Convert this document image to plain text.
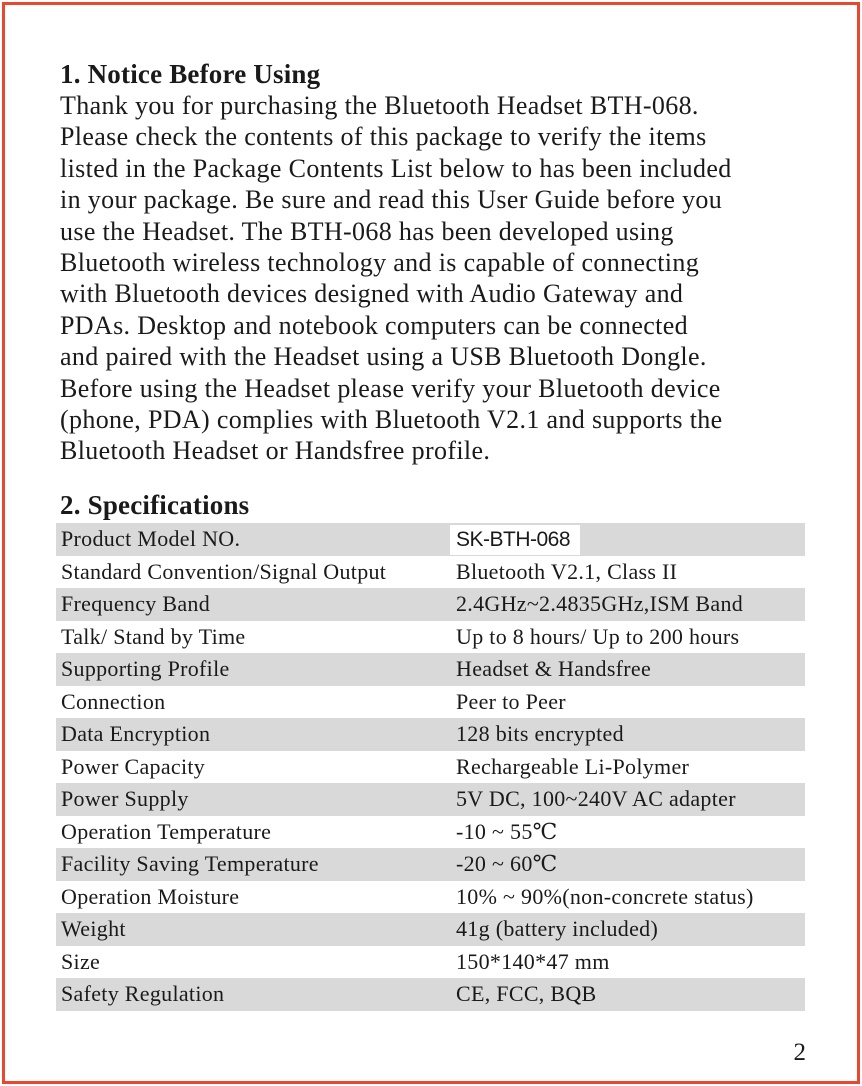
1. Notice Before Using

Thank you for purchasing the Bluetooth Headset BTH-068.

Please check the contents of this package to verify the items

listed in the Package Contents List below to has been included

in your package. Be sure and read this User Guide before you

use the Headset. The BTH-068 has been developed using

Bluetooth wireless technology and is capable of connecting

with Bluetooth devices designed with Audio Gateway and

PDAs. Desktop and notebook computers can be connected

and paired with the Headset using a USB Bluetooth Dongle.

Before using the Headset please verify your Bluetooth device

(phone, PDA) complies with Bluetooth V2.1 and supports the

Bluetooth Headset or Handsfree profile.

2. Specifications
Product Model NO.	SK-BTH-068
Standard Convention/Signal Output	Bluetooth V2.1, Class II
Frequency Band	2.4GHz~2.4835GHz,ISM Band
Talk/ Stand by Time	Up to 8 hours/ Up to 200 hours
Supporting Profile	Headset & Handsfree
Connection	Peer to Peer
Data Encryption	128 bits encrypted
Power Capacity	Rechargeable Li-Polymer
Power Supply	5V DC, 100~240V AC adapter
Operation Temperature	-10 ~ 55℃
Facility Saving Temperature	-20 ~ 60℃
Operation Moisture	10% ~ 90%(non-concrete status)
Weight	41g (battery included)
Size	150*140*47 mm
Safety Regulation	CE, FCC, BQB
2
